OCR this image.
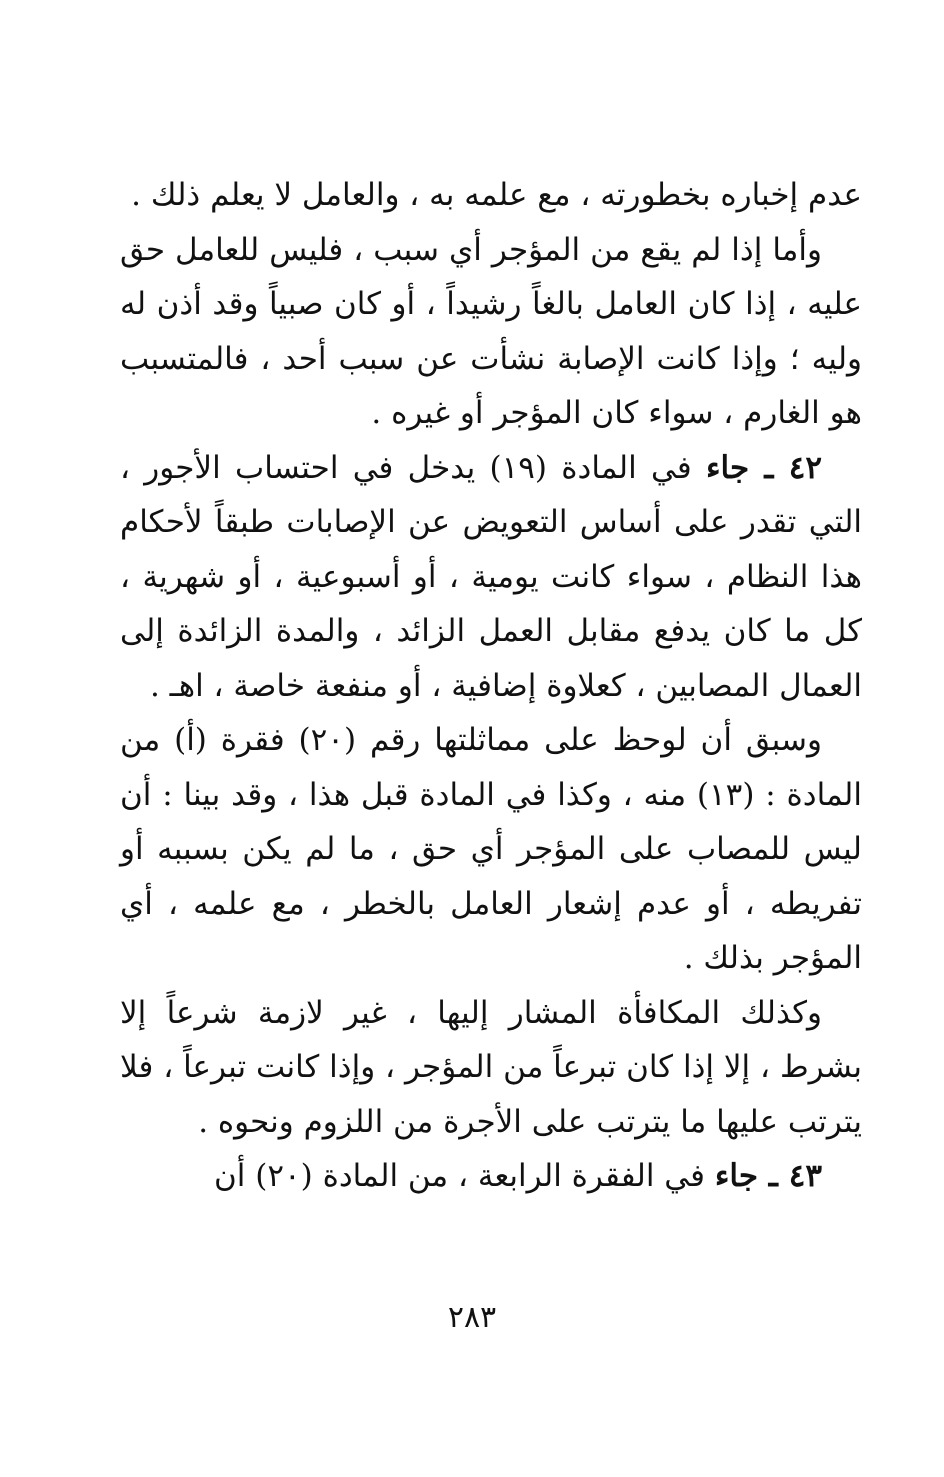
عدم إخباره بخطورته ، مع علمه به ، والعامل لا يعلم ذلك .

وأما إذا لم يقع من المؤجر أي سبب ، فليس للعامل حق عليه ، إذا كان العامل بالغاً رشيداً ، أو كان صبياً وقد أذن له وليه ؛ وإذا كانت الإصابة نشأت عن سبب أحد ، فالمتسبب هو الغارم ، سواء كان المؤجر أو غيره .

٤٢ ـ جاء في المادة (١٩) يدخل في احتساب الأجور ، التي تقدر على أساس التعويض عن الإصابات طبقاً لأحكام هذا النظام ، سواء كانت يومية ، أو أسبوعية ، أو شهرية ، كل ما كان يدفع مقابل العمل الزائد ، والمدة الزائدة إلى العمال المصابين ، كعلاوة إضافية ، أو منفعة خاصة ، اهـ .

وسبق أن لوحظ على مماثلتها رقم (٢٠) فقرة (أ) من المادة : (١٣) منه ، وكذا في المادة قبل هذا ، وقد بينا : أن ليس للمصاب على المؤجر أي حق ، ما لم يكن بسببه أو تفريطه ، أو عدم إشعار العامل بالخطر ، مع علمه ، أي المؤجر بذلك .

وكذلك المكافأة المشار إليها ، غير لازمة شرعاً إلا بشرط ، إلا إذا كان تبرعاً من المؤجر ، وإذا كانت تبرعاً ، فلا يترتب عليها ما يترتب على الأجرة من اللزوم ونحوه .

٤٣ ـ جاء في الفقرة الرابعة ، من المادة (٢٠) أن

٢٨٣
